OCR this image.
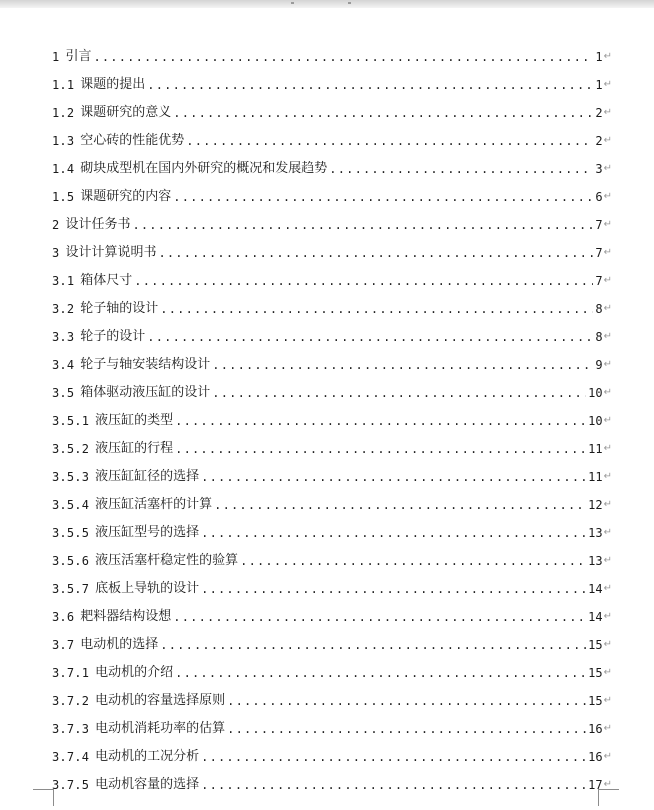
1 引言 .....	1 ↵
1.1 课题的提出 .....	1 ↵
1.2 课题研究的意义 .....	2 ↵
1.3 空心砖的性能优势 .....	2 ↵
1.4 砌块成型机在国内外研究的概况和发展趋势 .....	3 ↵
1.5 课题研究的内容 .....	6 ↵
2 设计任务书 .....	7 ↵
3 设计计算说明书 .....	7 ↵
3.1 箱体尺寸 .....	7 ↵
3.2 轮子轴的设计 .....	8 ↵
3.3 轮子的设计 .....	8 ↵
3.4 轮子与轴安装结构设计 .....	9 ↵
3.5 箱体驱动液压缸的设计 .....	10 ↵
3.5.1 液压缸的类型 .....	10 ↵
3.5.2 液压缸的行程 .....	11 ↵
3.5.3 液压缸缸径的选择 .....	11 ↵
3.5.4 液压缸活塞杆的计算 .....	12 ↵
3.5.5 液压缸型号的选择 .....	13 ↵
3.5.6 液压活塞杆稳定性的验算 .....	13 ↵
3.5.7 底板上导轨的设计 .....	14 ↵
3.6 耙料器结构设想 .....	14 ↵
3.7 电动机的选择 .....	15 ↵
3.7.1 电动机的介绍 .....	15 ↵
3.7.2 电动机的容量选择原则 .....	15 ↵
3.7.3 电动机消耗功率的估算 .....	16 ↵
3.7.4 电动机的工况分析 .....	16 ↵
3.7.5 电动机容量的选择 .....	17 ↵
